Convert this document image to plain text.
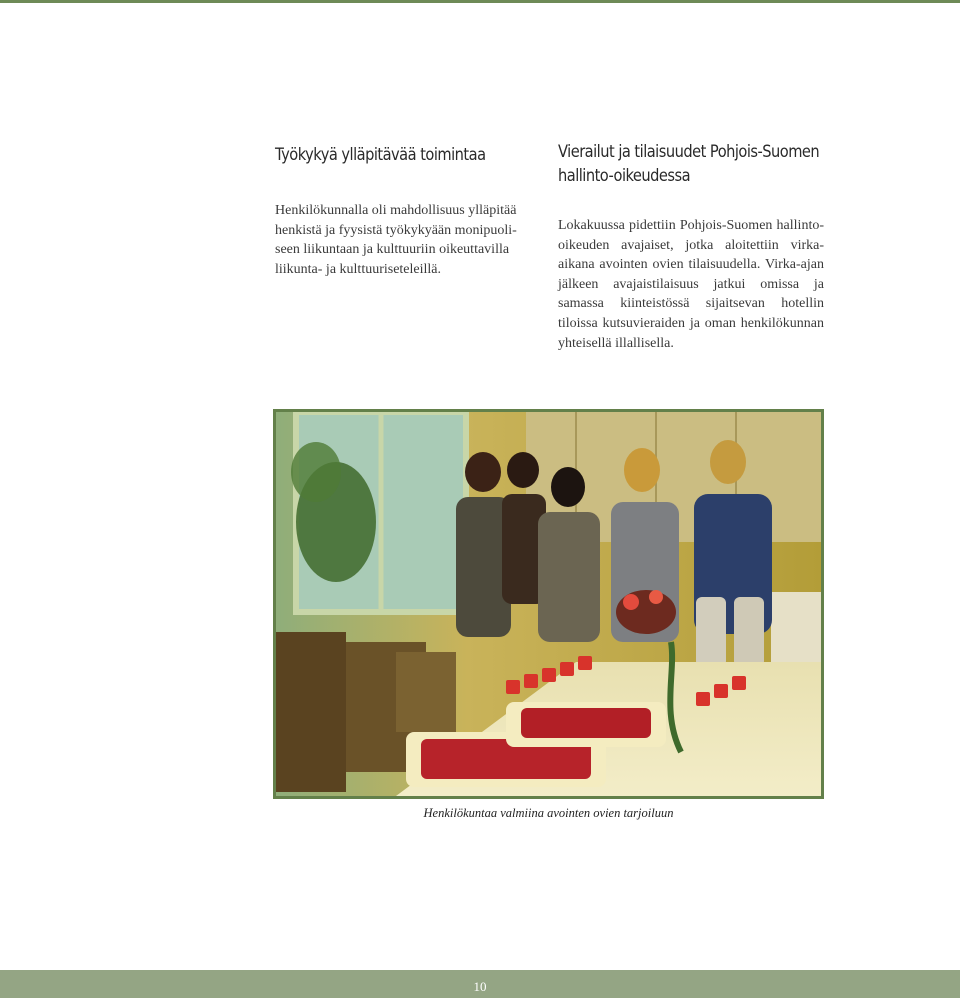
Työkykyä ylläpitävää toimintaa
Henkilökunnalla oli mahdollisuus ylläpitää
henkistä ja fyysistä työkykyään monipuoli-
seen liikuntaan ja kulttuuriin oikeuttavilla
liikunta- ja kulttuuriseteleillä.
Vierailut ja tilaisuudet Pohjois-Suomen
hallinto-oikeudessa

Lokakuussa pidettiin Pohjois-Suomen hallinto-oikeuden avajaiset, jotka aloitettiin virka-aikana avointen ovien tilaisuudella. Virka-ajan jälkeen avajaistilaisuus jatkui omissa ja samassa kiinteistössä sijaitsevan hotellin tiloissa kutsuvieraiden ja oman henkilökunnan yhteisellä illallisella.

Henkilökuntaa valmiina avointen ovien tarjoiluun
10
